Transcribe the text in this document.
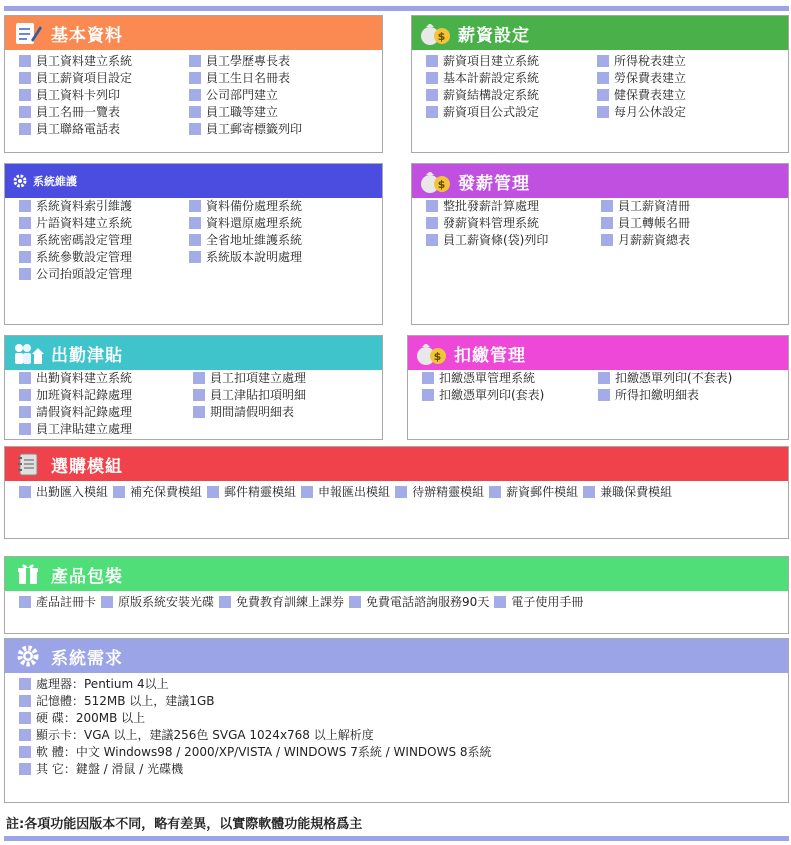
基本資料
員工資料建立系統
員工薪資項目設定
員工資料卡列印
員工名冊一覽表
員工聯絡電話表
員工學歷專長表
員工生日名冊表
公司部門建立
員工職等建立
員工郵寄標籤列印
$ 薪資設定
薪資項目建立系統
基本計薪設定系統
薪資結構設定系統
薪資項目公式設定
所得稅表建立
勞保費表建立
健保費表建立
每月公休設定
系統維護
系統資料索引維護
片語資料建立系統
系統密碼設定管理
系統參數設定管理
公司抬頭設定管理
資料備份處理系統
資料還原處理系統
全省地址維護系統
系統版本說明處理
$ 發薪管理
整批發薪計算處理
發薪資料管理系統
員工薪資條(袋)列印
員工薪資清冊
員工轉帳名冊
月薪薪資總表
出勤津貼
出勤資料建立系統
加班資料記錄處理
請假資料記錄處理
員工津貼建立處理
員工扣項建立處理
員工津貼扣項明細
期間請假明細表
$ 扣繳管理
扣繳憑單管理系統
扣繳憑單列印(套表)
扣繳憑單列印(不套表)
所得扣繳明細表
選購模組
出勤匯入模組 補充保費模組 郵件精靈模組 申報匯出模組 待辦精靈模組 薪資郵件模組 兼職保費模組
產品包裝
產品註冊卡 原版系統安裝光碟 免費教育訓練上課券 免費電話諮詢服務90天 電子使用手冊
系統需求
處理器：Pentium 4以上
記憶體：512MB 以上，建議1GB
硬 碟：200MB 以上
顯示卡：VGA 以上，建議256色 SVGA 1024x768 以上解析度
軟 體：中文 Windows98 / 2000/XP/VISTA / WINDOWS 7系統 / WINDOWS 8系統
其 它：鍵盤 / 滑鼠 / 光碟機
註:各項功能因版本不同，略有差異，以實際軟體功能規格爲主
